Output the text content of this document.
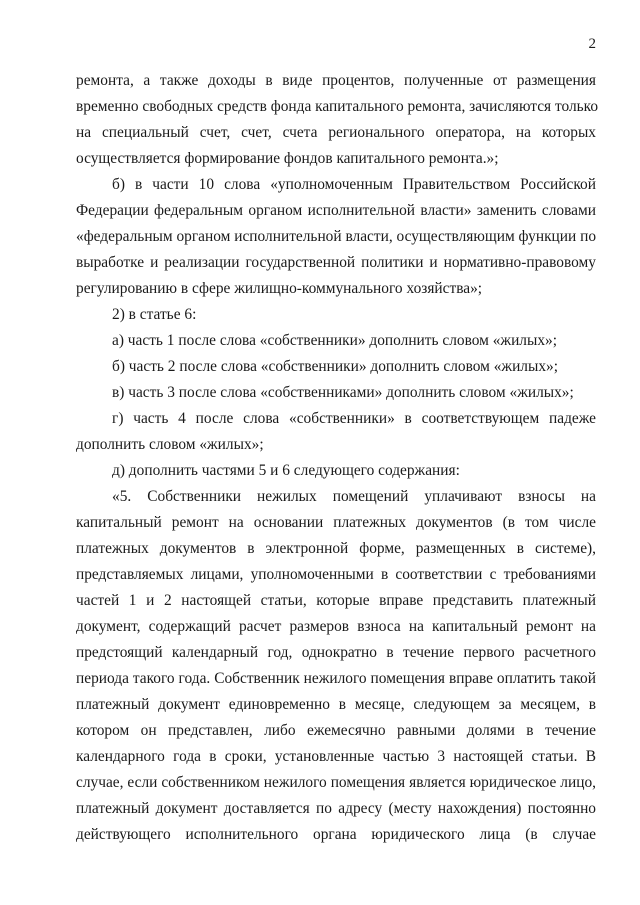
2
ремонта, а также доходы в виде процентов, полученные от размещения
временно свободных средств фонда капитального ремонта, зачисляются только
на специальный счет, счет, счета регионального оператора, на которых
осуществляется формирование фондов капитального ремонта.»;
б) в части 10 слова «уполномоченным Правительством Российской
Федерации федеральным органом исполнительной власти» заменить словами
«федеральным органом исполнительной власти, осуществляющим функции по
выработке и реализации государственной политики и нормативно-правовому
регулированию в сфере жилищно-коммунального хозяйства»;
2) в статье 6:
а) часть 1 после слова «собственники» дополнить словом «жилых»;
б) часть 2 после слова «собственники» дополнить словом «жилых»;
в) часть 3 после слова «собственниками» дополнить словом «жилых»;
г) часть 4 после слова «собственники» в соответствующем падеже
дополнить словом «жилых»;
д) дополнить частями 5 и 6 следующего содержания:
«5. Собственники нежилых помещений уплачивают взносы на
капитальный ремонт на основании платежных документов (в том числе
платежных документов в электронной форме, размещенных в системе),
представляемых лицами, уполномоченными в соответствии с требованиями
частей 1 и 2 настоящей статьи, которые вправе представить платежный
документ, содержащий расчет размеров взноса на капитальный ремонт на
предстоящий календарный год, однократно в течение первого расчетного
периода такого года. Собственник нежилого помещения вправе оплатить такой
платежный документ единовременно в месяце, следующем за месяцем, в
котором он представлен, либо ежемесячно равными долями в течение
календарного года в сроки, установленные частью 3 настоящей статьи. В
случае, если собственником нежилого помещения является юридическое лицо,
платежный документ доставляется по адресу (месту нахождения) постоянно
действующего исполнительного органа юридического лица (в случае
